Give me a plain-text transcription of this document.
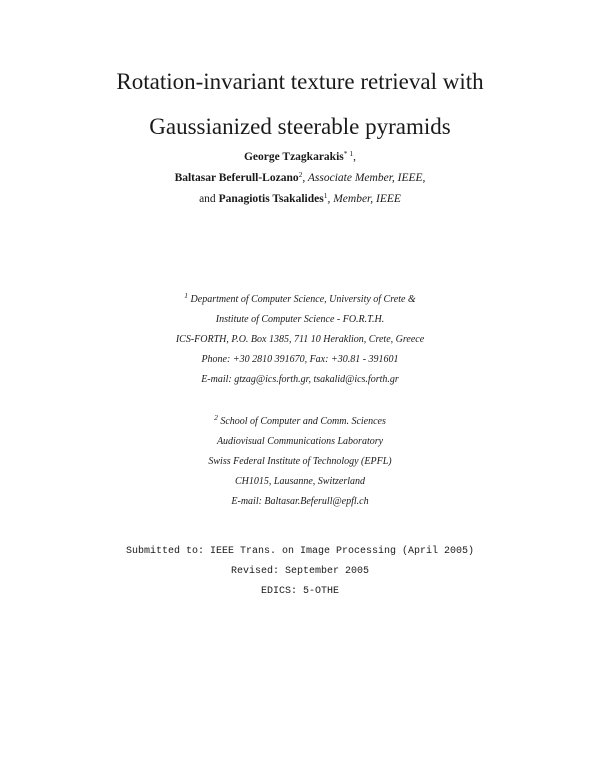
Rotation-invariant texture retrieval with
Gaussianized steerable pyramids
George Tzagkarakis$^{* 1}$,
Baltasar Beferull-Lozano$^2$, Associate Member, IEEE,
and Panagiotis Tsakalides$^1$, Member, IEEE
$^1$ Department of Computer Science, University of Crete &
Institute of Computer Science - FO.R.T.H.
ICS-FORTH, P.O. Box 1385, 711 10 Heraklion, Crete, Greece
Phone: +30 2810 391670, Fax: +30.81 - 391601
E-mail: gtzag@ics.forth.gr, tsakalid@ics.forth.gr
$^2$ School of Computer and Comm. Sciences
Audiovisual Communications Laboratory
Swiss Federal Institute of Technology (EPFL)
CH1015, Lausanne, Switzerland
E-mail: Baltasar.Beferull@epfl.ch
Submitted to: IEEE Trans. on Image Processing (April 2005)
Revised: September 2005
EDICS: 5-OTHE
